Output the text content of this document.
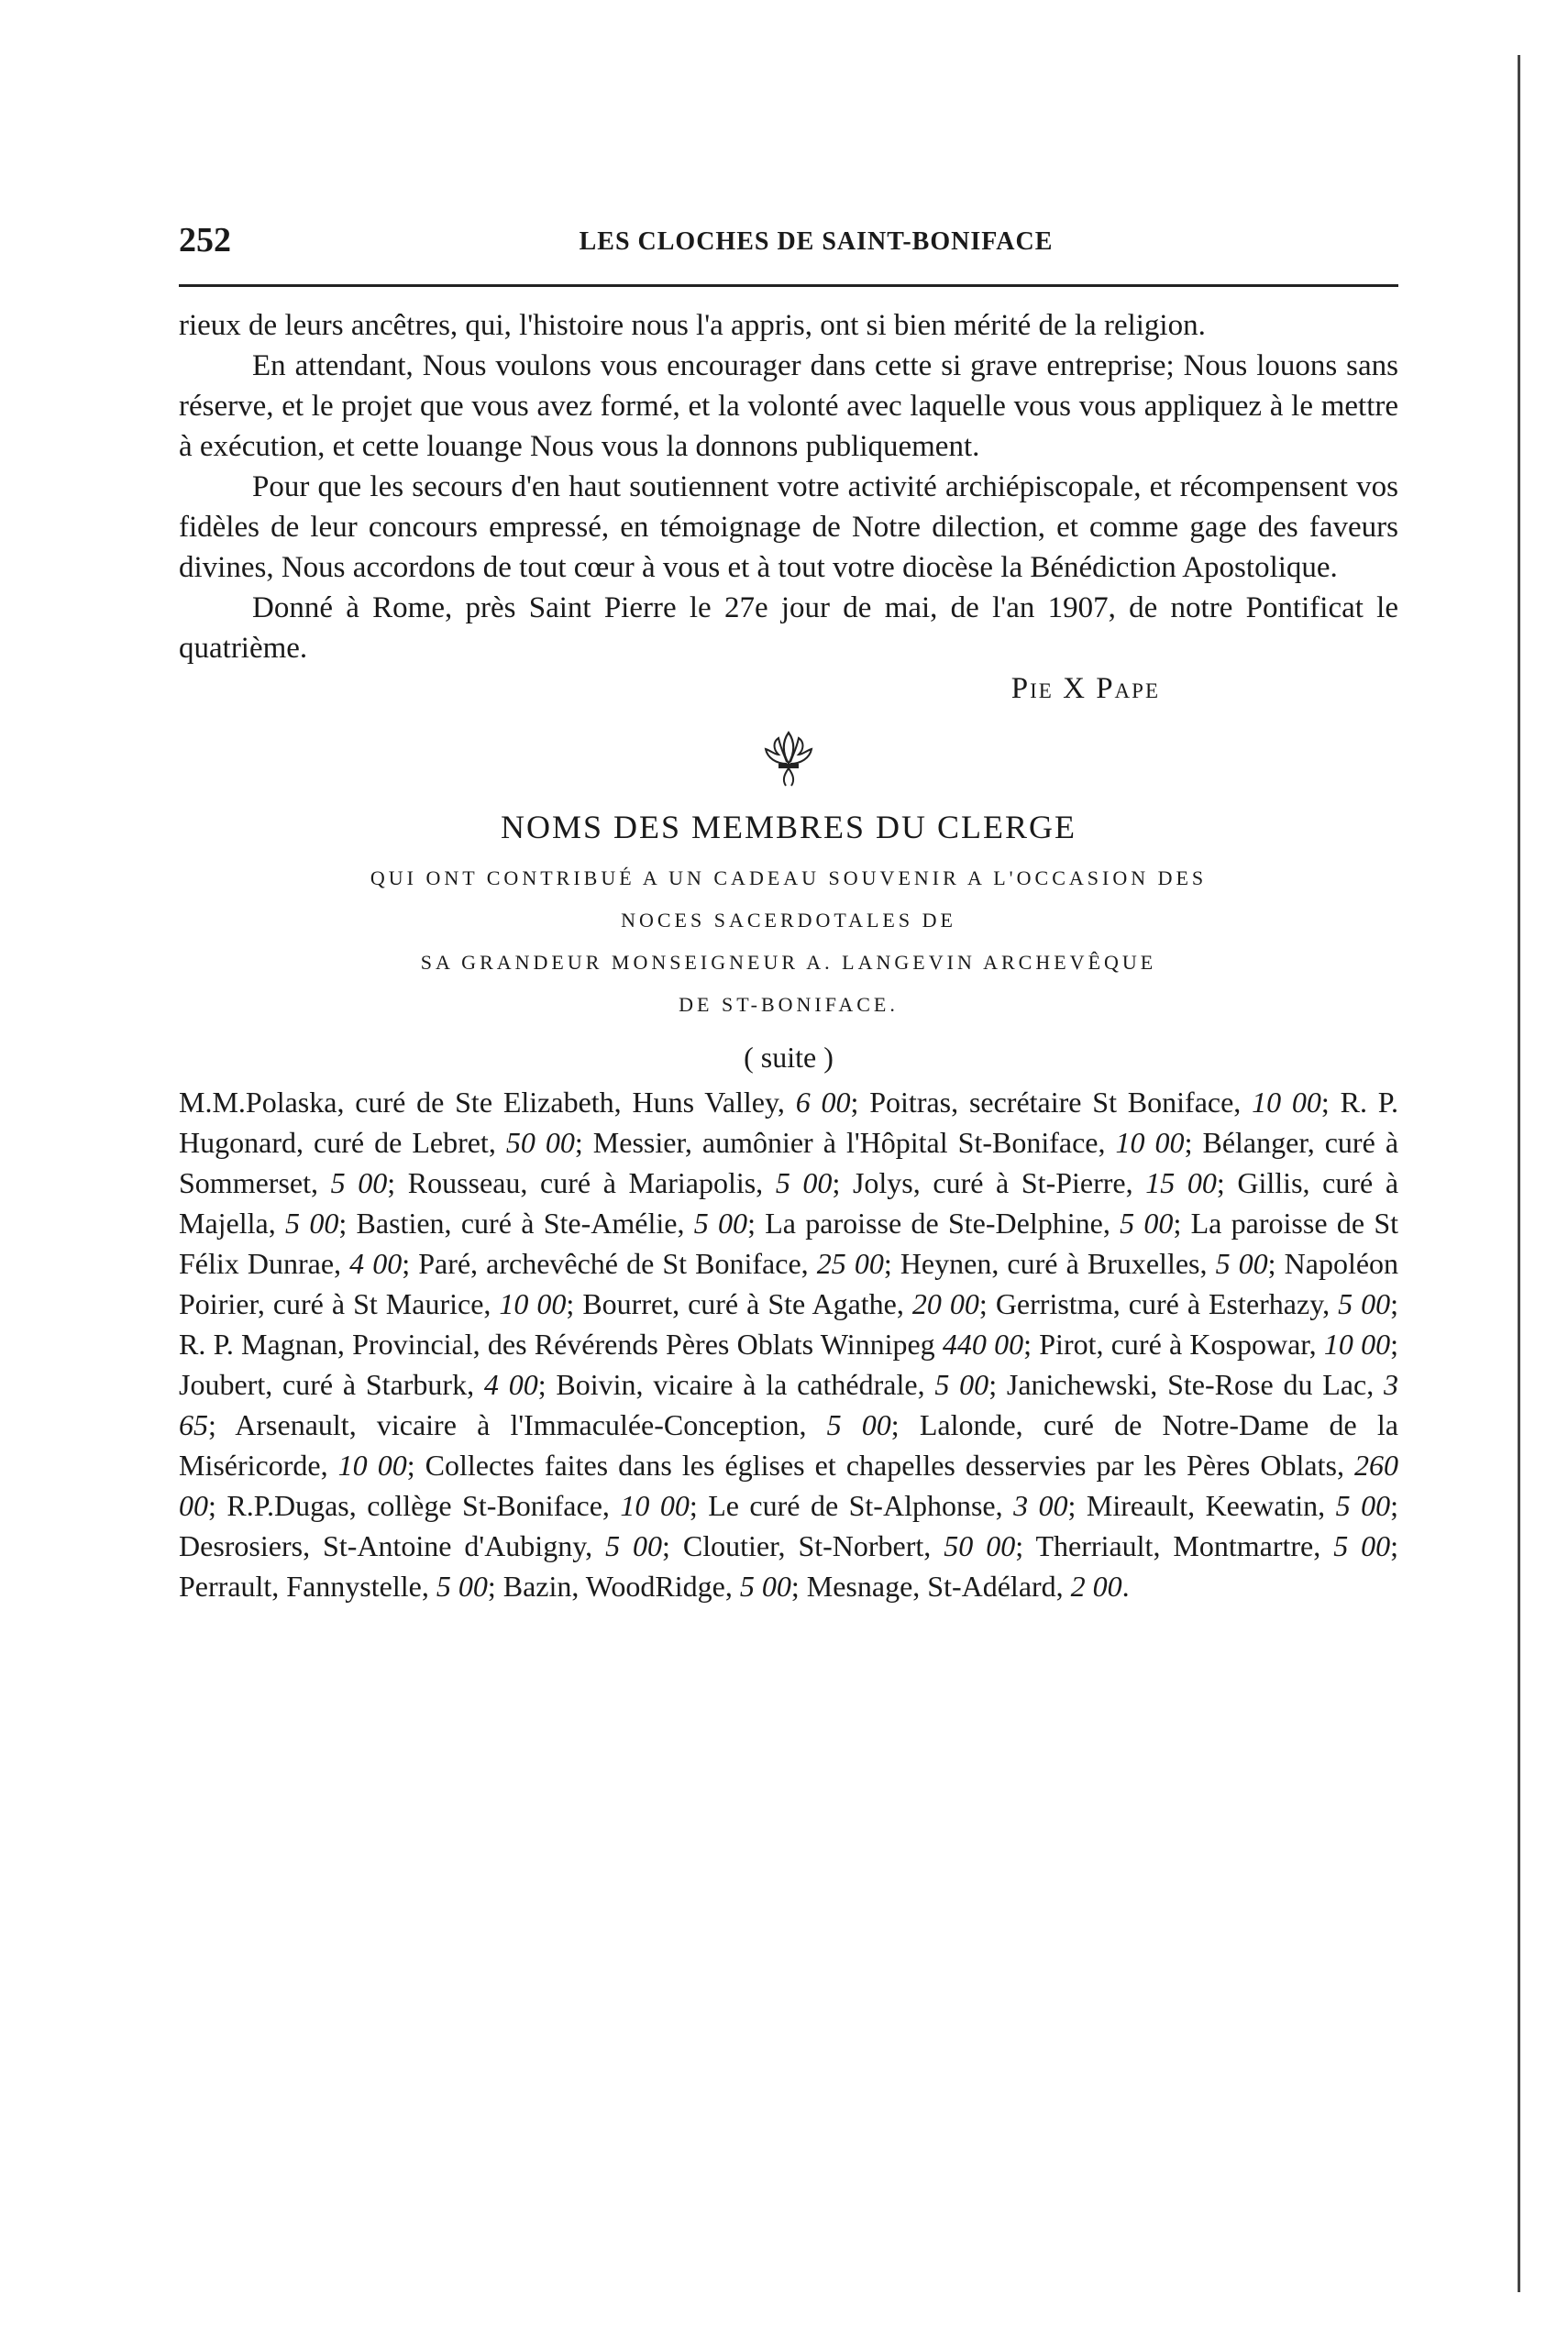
252	LES CLOCHES DE SAINT-BONIFACE

rieux de leurs ancêtres, qui, l'histoire nous l'a appris, ont si bien mérité de la religion.

En attendant, Nous voulons vous encourager dans cette si grave entreprise; Nous louons sans réserve, et le projet que vous avez formé, et la volonté avec laquelle vous vous appliquez à le mettre à exécution, et cette louange Nous vous la donnons publiquement.

Pour que les secours d'en haut soutiennent votre activité archiépiscopale, et récompensent vos fidèles de leur concours empressé, en témoignage de Notre dilection, et comme gage des faveurs divines, Nous accordons de tout cœur à vous et à tout votre diocèse la Bénédiction Apostolique.

Donné à Rome, près Saint Pierre le 27e jour de mai, de l'an 1907, de notre Pontificat le quatrième.

Pie X Pape
NOMS DES MEMBRES DU CLERGE
QUI ONT CONTRIBUÉ A UN CADEAU SOUVENIR A L'OCCASION DES
NOCES SACERDOTALES DE
SA GRANDEUR MONSEIGNEUR A. LANGEVIN ARCHEVÊQUE
DE ST-BONIFACE.
( suite )
M.M.Polaska, curé de Ste Elizabeth, Huns Valley, 6 00; Poitras, secrétaire St Boniface, 10 00; R. P. Hugonard, curé de Lebret, 50 00; Messier, aumônier à l'Hôpital St-Boniface, 10 00; Bélanger, curé à Sommerset, 5 00; Rousseau, curé à Mariapolis, 5 00; Jolys, curé à St-Pierre, 15 00; Gillis, curé à Majella, 5 00; Bastien, curé à Ste-Amélie, 5 00; La paroisse de Ste-Delphine, 5 00; La paroisse de St Félix Dunrae, 4 00; Paré, archevêché de St Boniface, 25 00; Heynen, curé à Bruxelles, 5 00; Napoléon Poirier, curé à St Maurice, 10 00; Bourret, curé à Ste Agathe, 20 00; Gerristma, curé à Esterhazy, 5 00; R. P. Magnan, Provincial, des Révérends Pères Oblats Winnipeg 440 00; Pirot, curé à Kospowar, 10 00; Joubert, curé à Starburk, 4 00; Boivin, vicaire à la cathédrale, 5 00; Janichewski, Ste-Rose du Lac, 3 65; Arsenault, vicaire à l'Immaculée-Conception, 5 00; Lalonde, curé de Notre-Dame de la Miséricorde, 10 00; Collectes faites dans les églises et chapelles desservies par les Pères Oblats, 260 00; R.P.Dugas, collège St-Boniface, 10 00; Le curé de St-Alphonse, 3 00; Mireault, Keewatin, 5 00; Desrosiers, St-Antoine d'Aubigny, 5 00; Cloutier, St-Norbert, 50 00; Therriault, Montmartre, 5 00; Perrault, Fannystelle, 5 00; Bazin, WoodRidge, 5 00; Mesnage, St-Adélard, 2 00.
